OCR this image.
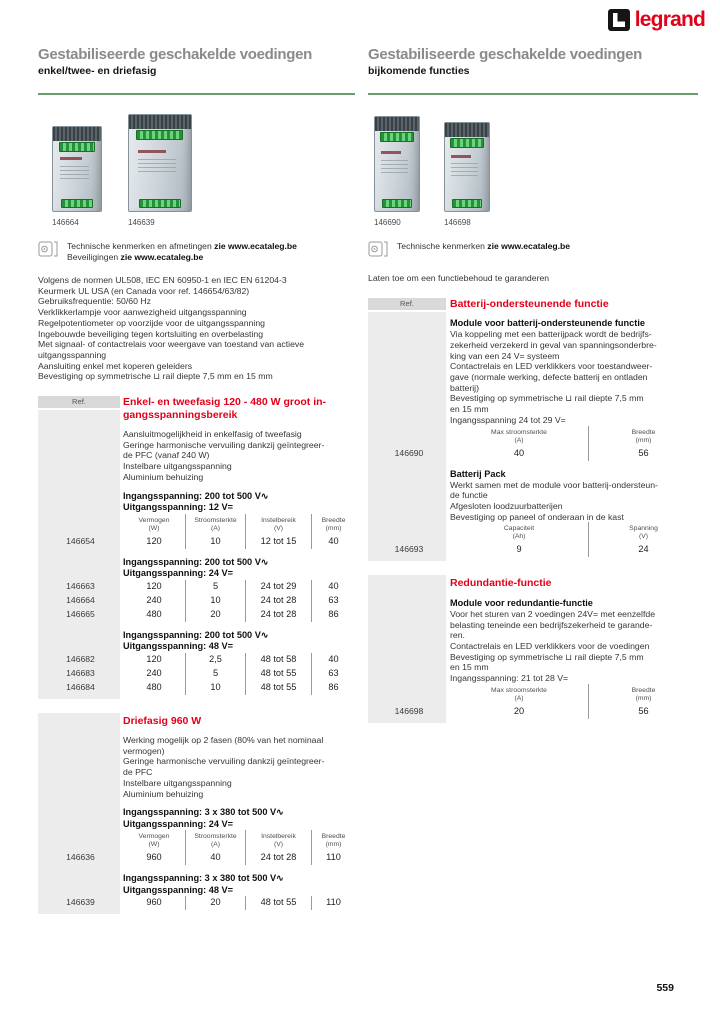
legrand
Gestabiliseerde geschakelde voedingen
enkel/twee- en driefasig
146664	146639
Technische kenmerken en afmetingen zie www.ecataleg.be
Beveiligingen zie www.ecataleg.be
Volgens de normen UL508, IEC EN 60950-1 en IEC EN 61204-3
Keurmerk UL USA (en Canada voor ref. 146654/63/82)
Gebruiksfrequentie: 50/60 Hz
Verklikkerlampje voor aanwezigheid uitgangsspanning
Regelpotentiometer op voorzijde voor de uitgangsspanning
Ingebouwde beveiliging tegen kortsluiting en overbelasting
Met signaal- of contactrelais voor weergave van toestand van actieve
uitgangsspanning
Aansluiting enkel met koperen geleiders
Bevestiging op symmetrische ⊔ rail diepte 7,5 mm en 15 mm
Ref.	Enkel- en tweefasig 120 - 480 W groot in-
gangsspanningsbereik
Aansluitmogelijkheid in enkelfasig of tweefasig
Geringe harmonische vervuiling dankzij geïntegreer-
de PFC (vanaf 240 W)
Instelbare uitgangsspanning
Aluminium behuizing
Ingangsspanning: 200 tot 500 V∿
Uitgangsspanning: 12 V=
Vermogen
(W)
Stroomsterkte
(A)
Instelbereik
(V)
Breedte
(mm)
146654	120	10	12 tot 15	40
Ingangsspanning: 200 tot 500 V∿
Uitgangsspanning: 24 V=
146663	120	5	24 tot 29	40
146664	240	10	24 tot 28	63
146665	480	20	24 tot 28	86
Ingangsspanning: 200 tot 500 V∿
Uitgangsspanning: 48 V=
146682	120	2,5	48 tot 58	40
146683	240	5	48 tot 55	63
146684	480	10	48 tot 55	86
Driefasig 960 W
Werking mogelijk op 2 fasen (80% van het nominaal
vermogen)
Geringe harmonische vervuiling dankzij geïntegreer-
de PFC
Instelbare uitgangsspanning
Aluminium behuizing
Ingangsspanning: 3 x 380 tot 500 V∿
Uitgangsspanning: 24 V=
Vermogen
(W)
Stroomsterkte
(A)
Instelbereik
(V)
Breedte
(mm)
146636	960	40	24 tot 28	110
Ingangsspanning: 3 x 380 tot 500 V∿
Uitgangsspanning: 48 V=
146639	960	20	48 tot 55	110
Gestabiliseerde geschakelde voedingen
bijkomende functies
146690	146698
Technische kenmerken zie www.ecataleg.be
Laten toe om een functiebehoud te garanderen
Ref.	Batterij-ondersteunende functie
Module voor batterij-ondersteunende functie
Via koppeling met een batterijpack wordt de bedrijfs-
zekerheid verzekerd in geval van spanningsonderbre-
king van een 24 V= systeem
Contactrelais en LED verklikkers voor toestandweer-
gave (normale werking, defecte batterij en ontladen
batterij)
Bevestiging op symmetrische ⊔ rail diepte 7,5 mm
en 15 mm
Ingangsspanning 24 tot 29 V=
Max stroomsterkte
(A)
Breedte
(mm)
146690	40	56
Batterij Pack
Werkt samen met de module voor batterij-ondersteun-
de functie
Afgesloten loodzuurbatterijen
Bevestiging op paneel of onderaan in de kast
Capaciteit
(Ah)
Spanning
(V)
146693	9	24
Redundantie-functie
Module voor redundantie-functie
Voor het sturen van 2 voedingen 24V= met eenzelfde
belasting teneinde een bedrijfszekerheid te garande-
ren.
Contactrelais en LED verklikkers voor de voedingen
Bevestiging op symmetrische ⊔ rail diepte 7,5 mm
en 15 mm
Ingangsspanning: 21 tot 28 V=
Max stroomsterkte
(A)
Breedte
(mm)
146698	20	56
559
